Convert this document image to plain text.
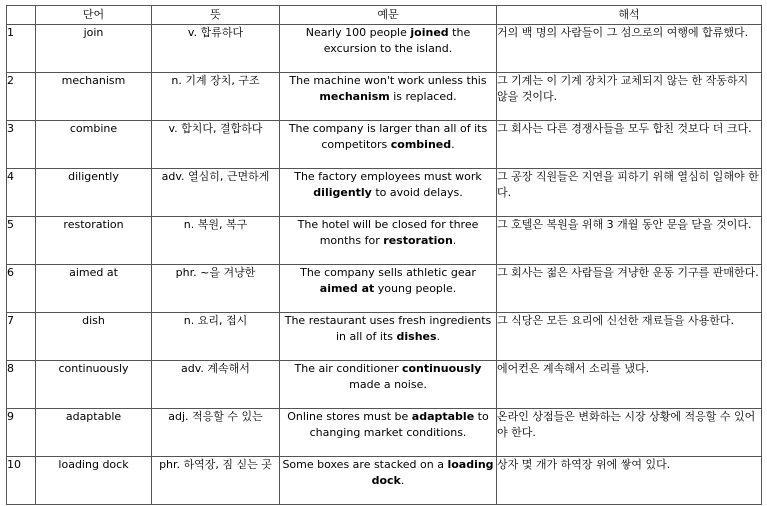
	단어	뜻	예문	해석
1	join	v. 합류하다	Nearly 100 people joined the excursion to the island.	거의 백 명의 사람들이 그 섬으로의 여행에 합류했다.
2	mechanism	n. 기계 장치, 구조	The machine won't work unless this mechanism is replaced.	그 기계는 이 기계 장치가 교체되지 않는 한 작동하지 않을 것이다.
3	combine	v. 합치다, 결합하다	The company is larger than all of its competitors combined.	그 회사는 다른 경쟁사들을 모두 합친 것보다 더 크다.
4	diligently	adv. 열심히, 근면하게	The factory employees must work diligently to avoid delays.	그 공장 직원들은 지연을 피하기 위해 열심히 일해야 한다.
5	restoration	n. 복원, 복구	The hotel will be closed for three months for restoration.	그 호텔은 복원을 위해 3 개월 동안 문을 닫을 것이다.
6	aimed at	phr. ~을 겨냥한	The company sells athletic gear aimed at young people.	그 회사는 젊은 사람들을 겨냥한 운동 기구를 판매한다.
7	dish	n. 요리, 접시	The restaurant uses fresh ingredients in all of its dishes.	그 식당은 모든 요리에 신선한 재료들을 사용한다.
8	continuously	adv. 계속해서	The air conditioner continuously made a noise.	에어컨은 계속해서 소리를 냈다.
9	adaptable	adj. 적응할 수 있는	Online stores must be adaptable to changing market conditions.	온라인 상점들은 변화하는 시장 상황에 적응할 수 있어야 한다.
10	loading dock	phr. 하역장, 짐 싣는 곳	Some boxes are stacked on a loading dock.	상자 몇 개가 하역장 위에 쌓여 있다.
